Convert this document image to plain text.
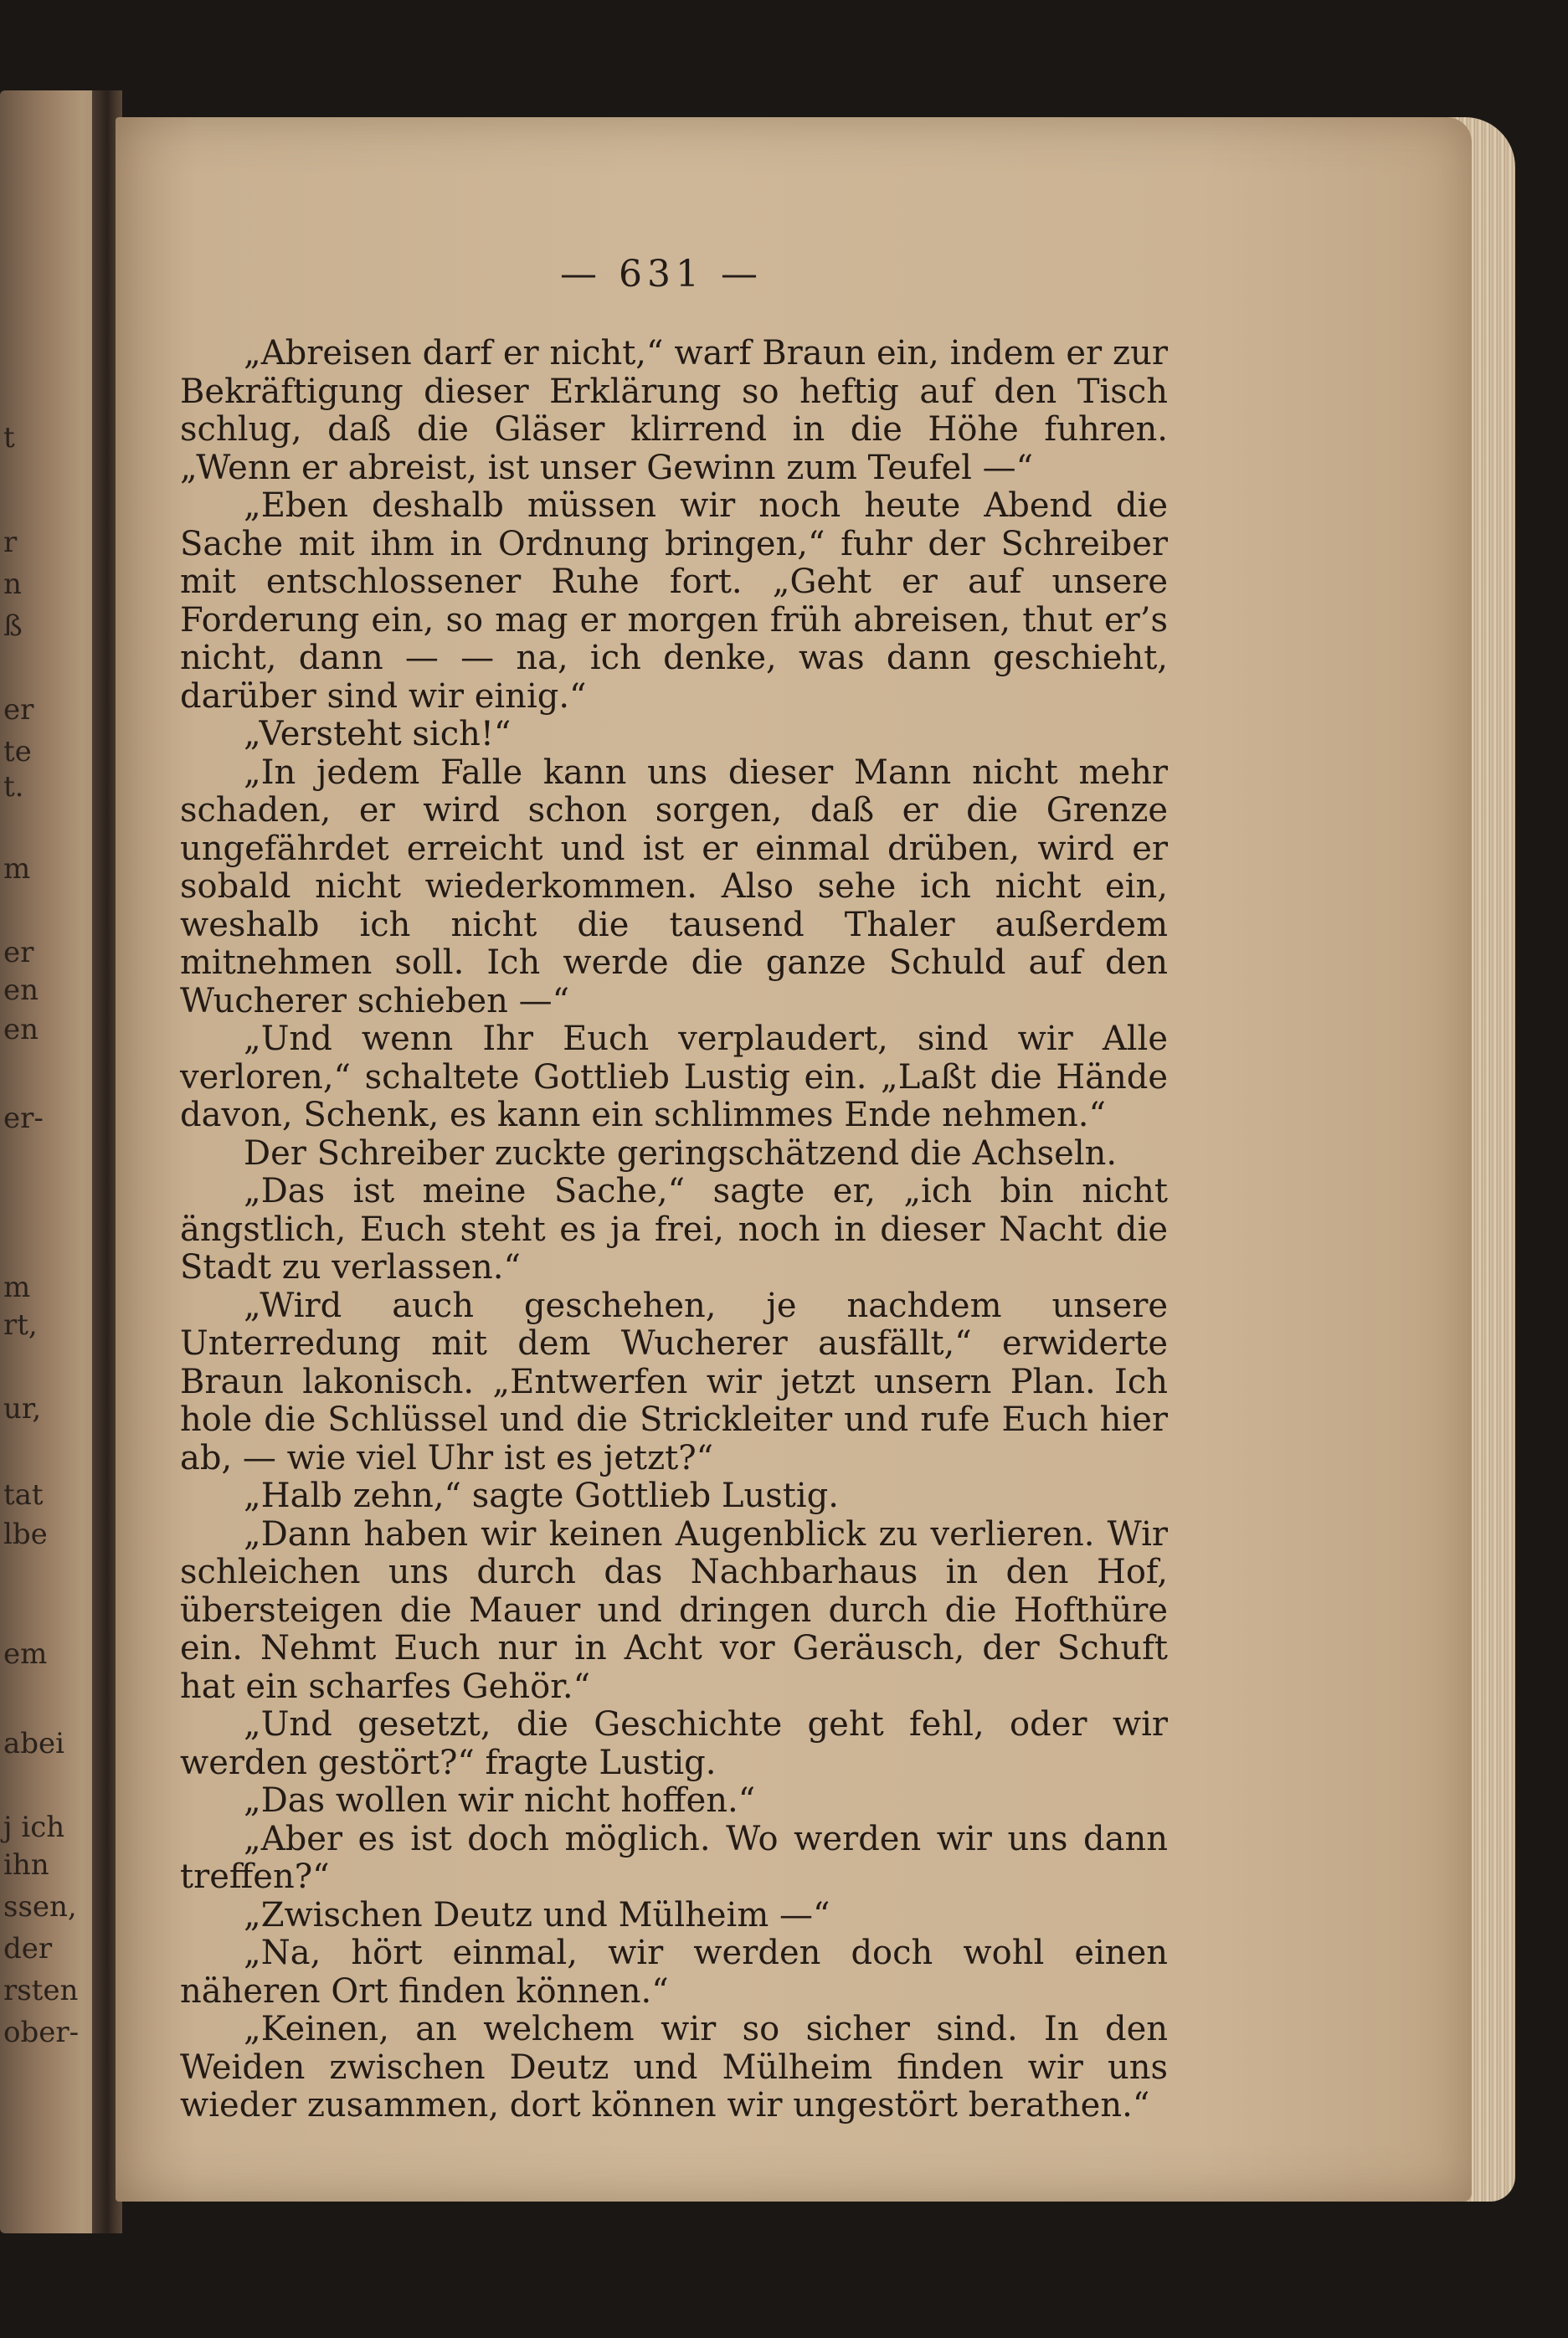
t
r
n
ß
er
te
t.
m
er
en
en
er-
m
rt,
ur,
tat
lbe
em
abei
j ich
ihn
ssen,
der
rsten
ober-
— 631 —

„Abreisen darf er nicht,“ warf Braun ein, indem er zur Bekräftigung dieser Erklärung so heftig auf den Tisch schlug, daß die Gläser klirrend in die Höhe fuhren. „Wenn er abreist, ist unser Gewinn zum Teufel —“

„Eben deshalb müssen wir noch heute Abend die Sache mit ihm in Ordnung bringen,“ fuhr der Schreiber mit entschlossener Ruhe fort. „Geht er auf unsere Forderung ein, so mag er morgen früh abreisen, thut er’s nicht, dann — — na, ich denke, was dann geschieht, darüber sind wir einig.“

„Versteht sich!“

„In jedem Falle kann uns dieser Mann nicht mehr schaden, er wird schon sorgen, daß er die Grenze ungefährdet erreicht und ist er einmal drüben, wird er sobald nicht wiederkommen. Also sehe ich nicht ein, weshalb ich nicht die tausend Thaler außerdem mitnehmen soll. Ich werde die ganze Schuld auf den Wucherer schieben —“

„Und wenn Ihr Euch verplaudert, sind wir Alle verloren,“ schaltete Gottlieb Lustig ein. „Laßt die Hände davon, Schenk, es kann ein schlimmes Ende nehmen.“

Der Schreiber zuckte geringschätzend die Achseln.

„Das ist meine Sache,“ sagte er, „ich bin nicht ängstlich, Euch steht es ja frei, noch in dieser Nacht die Stadt zu verlassen.“

„Wird auch geschehen, je nachdem unsere Unterredung mit dem Wucherer ausfällt,“ erwiderte Braun lakonisch. „Entwerfen wir jetzt unsern Plan. Ich hole die Schlüssel und die Strickleiter und rufe Euch hier ab, — wie viel Uhr ist es jetzt?“

„Halb zehn,“ sagte Gottlieb Lustig.

„Dann haben wir keinen Augenblick zu verlieren. Wir schleichen uns durch das Nachbarhaus in den Hof, übersteigen die Mauer und dringen durch die Hofthüre ein. Nehmt Euch nur in Acht vor Geräusch, der Schuft hat ein scharfes Gehör.“

„Und gesetzt, die Geschichte geht fehl, oder wir werden gestört?“ fragte Lustig.

„Das wollen wir nicht hoffen.“

„Aber es ist doch möglich. Wo werden wir uns dann treffen?“

„Zwischen Deutz und Mülheim —“

„Na, hört einmal, wir werden doch wohl einen näheren Ort finden können.“

„Keinen, an welchem wir so sicher sind. In den Weiden zwischen Deutz und Mülheim finden wir uns wieder zusammen, dort können wir ungestört berathen.“
